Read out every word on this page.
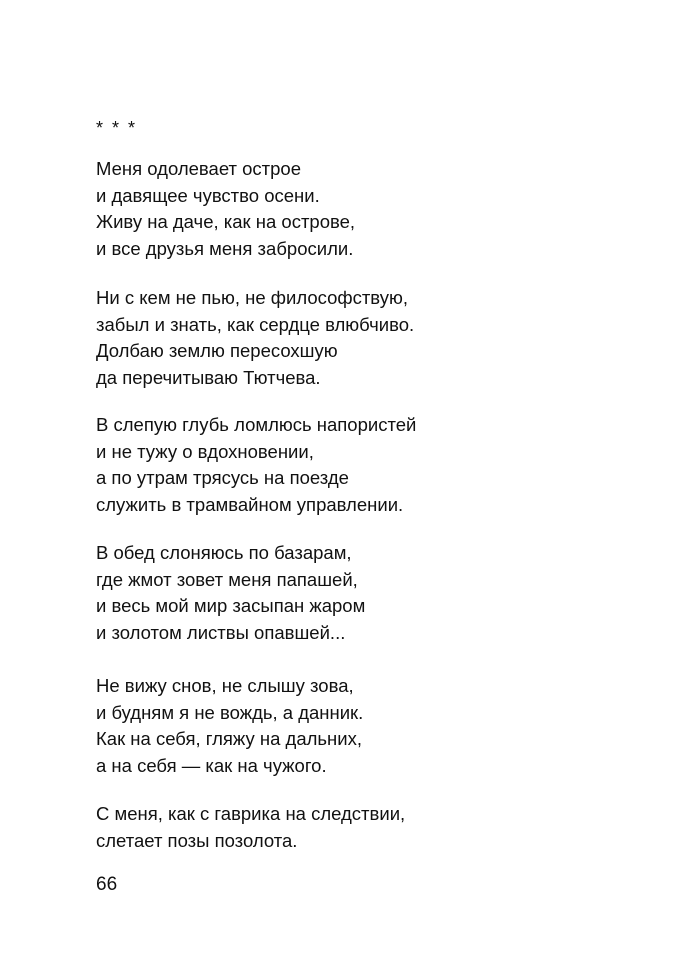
* * *
Меня одолевает острое
и давящее чувство осени.
Живу на даче, как на острове,
и все друзья меня забросили.
Ни с кем не пью, не философствую,
забыл и знать, как сердце влюбчиво.
Долбаю землю пересохшую
да перечитываю Тютчева.
В слепую глубь ломлюсь напористей
и не тужу о вдохновении,
а по утрам трясусь на поезде
служить в трамвайном управлении.
В обед слоняюсь по базарам,
где жмот зовет меня папашей,
и весь мой мир засыпан жаром
и золотом листвы опавшей...
Не вижу снов, не слышу зова,
и будням я не вождь, а данник.
Как на себя, гляжу на дальних,
а на себя — как на чужого.
С меня, как с гаврика на следствии,
слетает позы позолота.
66
